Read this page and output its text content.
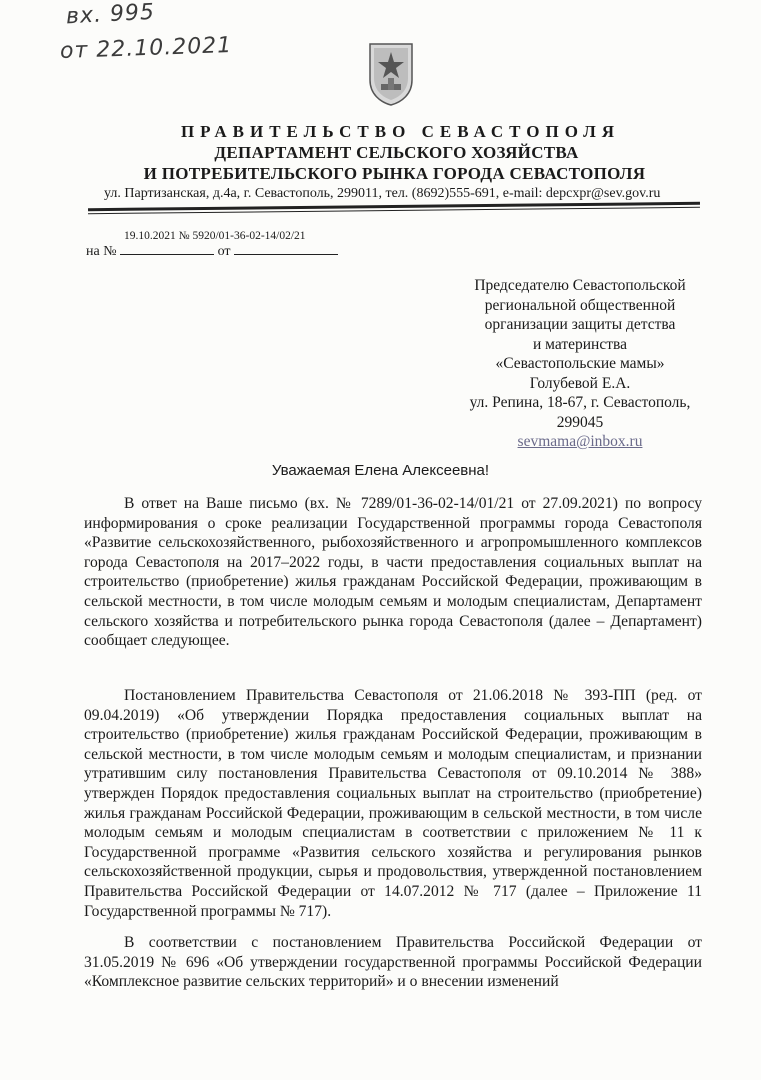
вх. 995
от 22.10.2021
ПРАВИТЕЛЬСТВО СЕВАСТОПОЛЯ
ДЕПАРТАМЕНТ СЕЛЬСКОГО ХОЗЯЙСТВА
И ПОТРЕБИТЕЛЬСКОГО РЫНКА ГОРОДА СЕВАСТОПОЛЯ
ул. Партизанская, д.4а, г. Севастополь, 299011, тел. (8692)555-691, e-mail: depcxpr@sev.gov.ru
19.10.2021 № 5920/01-36-02-14/02/21
на №	от
Председателю Севастопольской
региональной общественной
организации защиты детства
и материнства
«Севастопольские мамы»
Голубевой Е.А.
ул. Репина, 18-67, г. Севастополь,
299045
sevmama@inbox.ru
Уважаемая Елена Алексеевна!

В ответ на Ваше письмо (вх. № 7289/01-36-02-14/01/21 от 27.09.2021) по вопросу информирования о сроке реализации Государственной программы города Севастополя «Развитие сельскохозяйственного, рыбохозяйственного и агропромышленного комплексов города Севастополя на 2017–2022 годы, в части предоставления социальных выплат на строительство (приобретение) жилья гражданам Российской Федерации, проживающим в сельской местности, в том числе молодым семьям и молодым специалистам, Департамент сельского хозяйства и потребительского рынка города Севастополя (далее – Департамент) сообщает следующее.

Постановлением Правительства Севастополя от 21.06.2018 № 393-ПП (ред. от 09.04.2019) «Об утверждении Порядка предоставления социальных выплат на строительство (приобретение) жилья гражданам Российской Федерации, проживающим в сельской местности, в том числе молодым семьям и молодым специалистам, и признании утратившим силу постановления Правительства Севастополя от 09.10.2014 № 388» утвержден Порядок предоставления социальных выплат на строительство (приобретение) жилья гражданам Российской Федерации, проживающим в сельской местности, в том числе молодым семьям и молодым специалистам в соответствии с приложением № 11 к Государственной программе «Развития сельского хозяйства и регулирования рынков сельскохозяйственной продукции, сырья и продовольствия, утвержденной постановлением Правительства Российской Федерации от 14.07.2012 № 717 (далее – Приложение 11 Государственной программы № 717).

В соответствии с постановлением Правительства Российской Федерации от 31.05.2019 № 696 «Об утверждении государственной программы Российской Федерации «Комплексное развитие сельских территорий» и о внесении изменений
